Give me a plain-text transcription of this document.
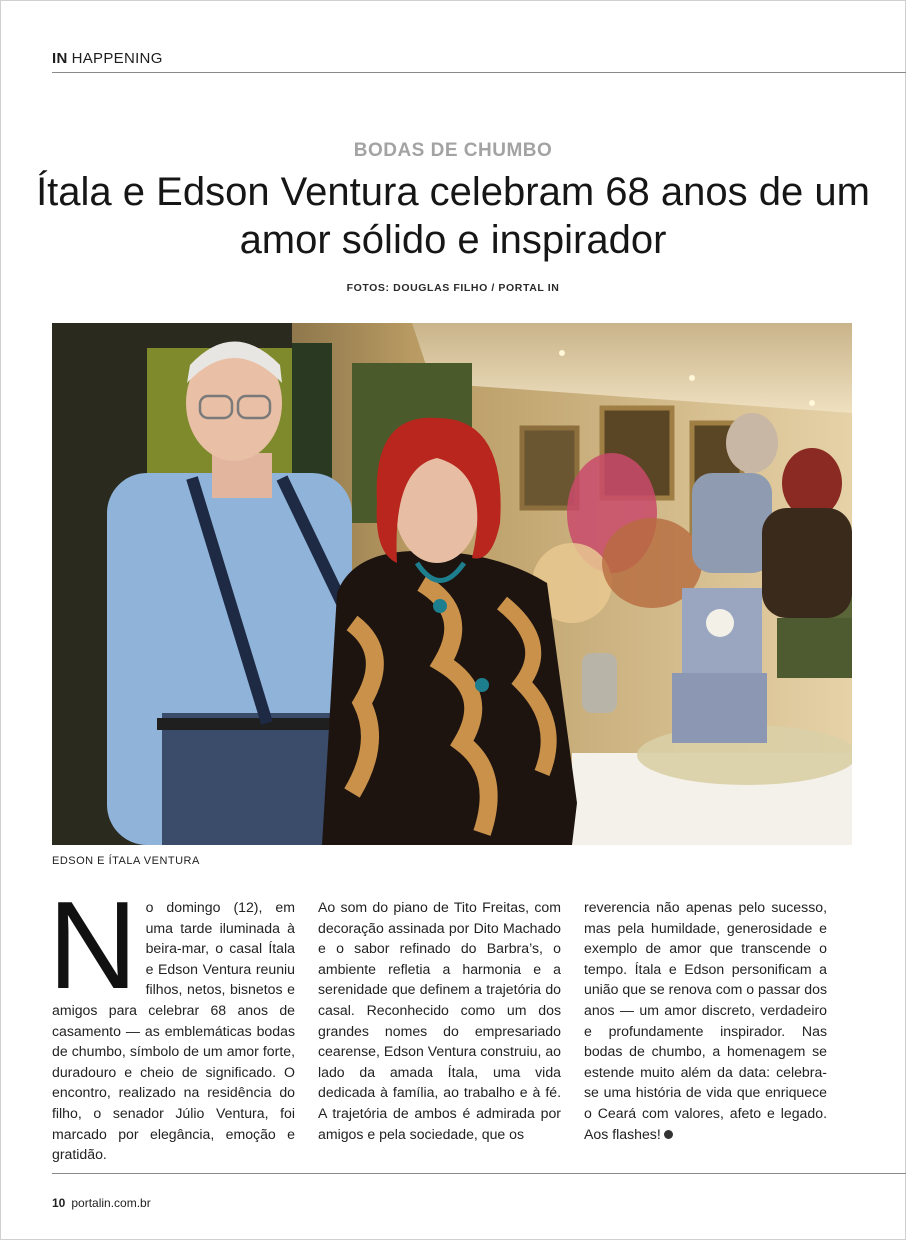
IN HAPPENING
BODAS DE CHUMBO
Ítala e Edson Ventura celebram 68 anos de um amor sólido e inspirador
FOTOS: DOUGLAS FILHO / PORTAL IN
EDSON E ÍTALA VENTURA
N o domingo (12), em uma tarde iluminada à beira-mar, o casal Ítala e Edson Ventura reuniu filhos, netos, bisnetos e amigos para celebrar 68 anos de casamento — as emblemáticas bodas de chumbo, símbolo de um amor forte, duradouro e cheio de significado. O encontro, realizado na residência do filho, o senador Júlio Ventura, foi marcado por elegância, emoção e gratidão.

Ao som do piano de Tito Freitas, com decoração assinada por Dito Machado e o sabor refinado do Barbra’s, o ambiente refletia a harmonia e a serenidade que definem a trajetória do casal. Reconhecido como um dos grandes nomes do empresariado cearense, Edson Ventura construiu, ao lado da amada Ítala, uma vida dedicada à família, ao trabalho e à fé. A trajetória de ambos é admirada por amigos e pela sociedade, que os

reverencia não apenas pelo sucesso, mas pela humildade, generosidade e exemplo de amor que transcende o tempo. Ítala e Edson personificam a união que se renova com o passar dos anos — um amor discreto, verdadeiro e profundamente inspirador. Nas bodas de chumbo, a homenagem se estende muito além da data: celebra-se uma história de vida que enriquece o Ceará com valores, afeto e legado. Aos flashes!

10 portalin.com.br
